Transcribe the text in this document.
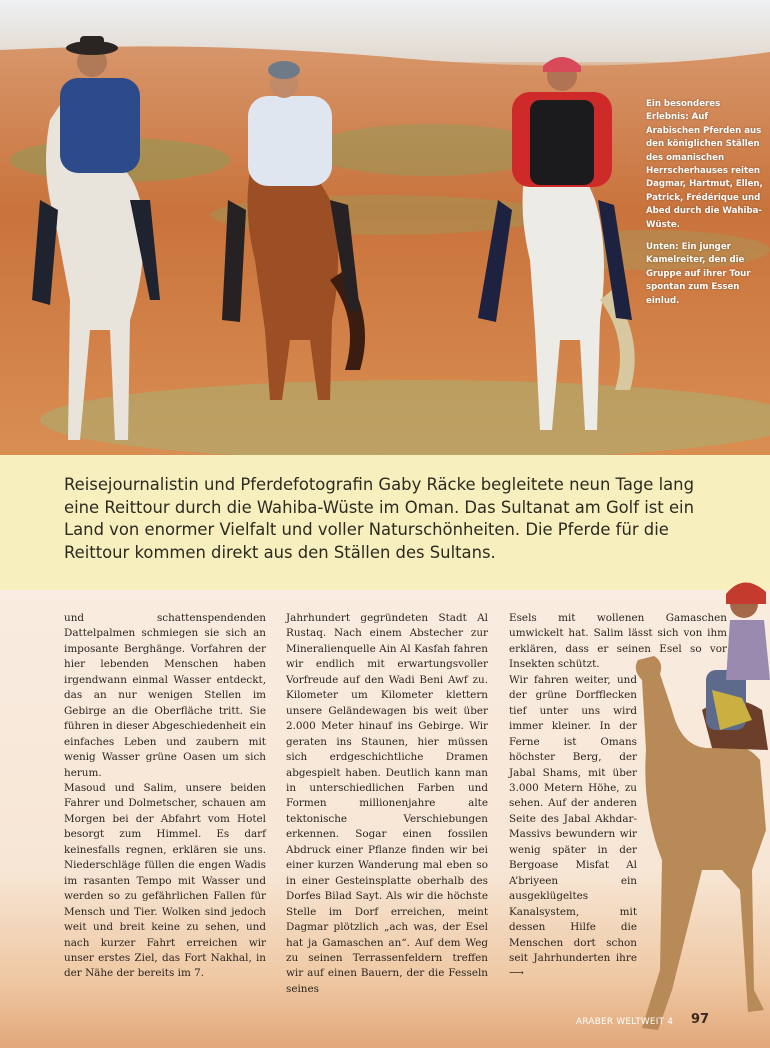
Ein besonderes Erlebnis: Auf Arabischen Pferden aus den königlichen Ställen des omanischen Herrscherhauses reiten Dagmar, Hartmut, Ellen, Patrick, Frédérique und Abed durch die Wahiba-Wüste.

Unten: Ein junger Kamelreiter, den die Gruppe auf ihrer Tour spontan zum Essen einlud.

Reisejournalistin und Pferdefotografin Gaby Räcke begleitete neun Tage lang eine Reittour durch die Wahiba-Wüste im Oman. Das Sultanat am Golf ist ein Land von enormer Vielfalt und voller Naturschönheiten. Die Pferde für die Reittour kommen direkt aus den Ställen des Sultans.

und schattenspendenden Dattelpalmen schmiegen sie sich an imposante Berghänge. Vorfahren der hier lebenden Menschen haben irgendwann einmal Wasser entdeckt, das an nur wenigen Stellen im Gebirge an die Oberfläche tritt. Sie führen in dieser Abgeschiedenheit ein einfaches Leben und zaubern mit wenig Wasser grüne Oasen um sich herum.

Masoud und Salim, unsere beiden Fahrer und Dolmetscher, schauen am Morgen bei der Abfahrt vom Hotel besorgt zum Himmel. Es darf keinesfalls regnen, erklären sie uns. Niederschläge füllen die engen Wadis im rasanten Tempo mit Wasser und werden so zu gefährlichen Fallen für Mensch und Tier. Wolken sind jedoch weit und breit keine zu sehen, und nach kurzer Fahrt erreichen wir unser erstes Ziel, das Fort Nakhal, in der Nähe der bereits im 7.

Jahrhundert gegründeten Stadt Al Rustaq. Nach einem Abstecher zur Mineralienquelle Ain Al Kasfah fahren wir endlich mit erwartungsvoller Vorfreude auf den Wadi Beni Awf zu. Kilometer um Kilometer klettern unsere Geländewagen bis weit über 2.000 Meter hinauf ins Gebirge. Wir geraten ins Staunen, hier müssen sich erdgeschichtliche Dramen abgespielt haben. Deutlich kann man in unterschiedlichen Farben und Formen millionenjahre alte tektonische Verschiebungen erkennen. Sogar einen fossilen Abdruck einer Pflanze finden wir bei einer kurzen Wanderung mal eben so in einer Gesteinsplatte oberhalb des Dorfes Bilad Sayt. Als wir die höchste Stelle im Dorf erreichen, meint Dagmar plötzlich „ach was, der Esel hat ja Gamaschen an“. Auf dem Weg zu seinen Terrassenfeldern treffen wir auf einen Bauern, der die Fesseln seines

Esels mit wollenen Gamaschen umwickelt hat. Salim lässt sich von ihm erklären, dass er seinen Esel so vor Insekten schützt.

Wir fahren weiter, und der grüne Dorfflecken tief unter uns wird immer kleiner. In der Ferne ist Omans höchster Berg, der Jabal Shams, mit über 3.000 Metern Höhe, zu sehen. Auf der anderen Seite des Jabal Akhdar-Massivs bewundern wir wenig später in der Bergoase Misfat Al A’briyeen ein ausgeklügeltes Kanalsystem, mit dessen Hilfe die Menschen dort schon seit Jahrhunderten ihre ⟶

ARABER WELTWEIT 4 97
